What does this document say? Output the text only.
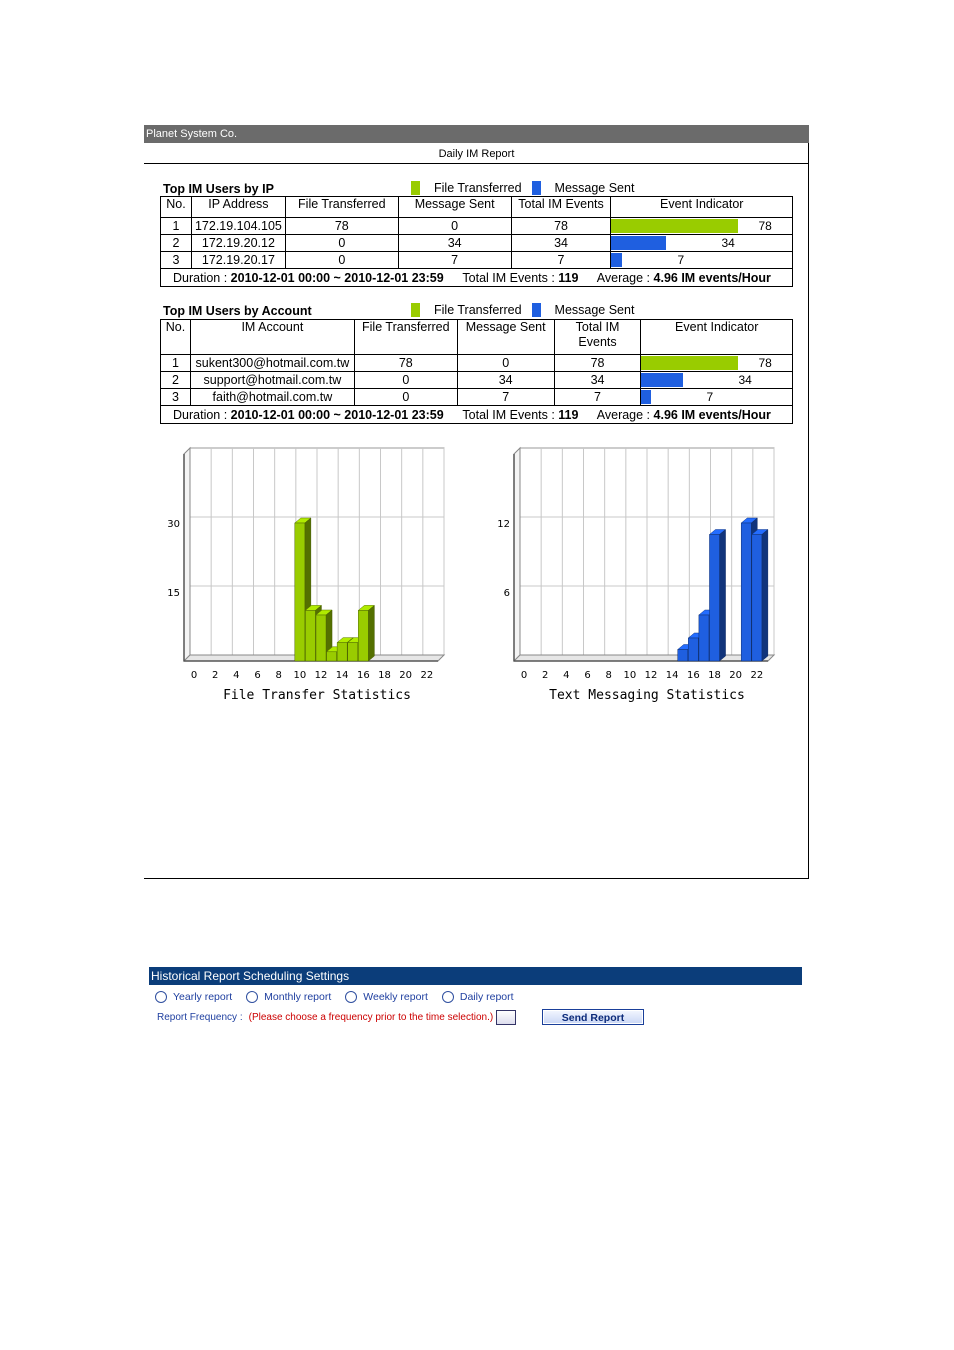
Planet System Co.
Daily IM Report
Top IM Users by IP	File Transferred	Message Sent
No.	IP Address	File Transferred	Message Sent	Total IM Events	Event Indicator
1	172.19.104.105	78	0	78	78

2	172.19.20.12	0	34	34	34

3	172.19.20.17	0	7	7	7

Duration : 2010-12-01 00:00 ~ 2010-12-01 23:59 Total IM Events : 119 Average : 4.96 IM events/Hour					
Top IM Users by Account	File Transferred	Message Sent
No.	IM Account	File Transferred	Message Sent	Total IM Events	Event Indicator
1	sukent300@hotmail.com.tw	78	0	78	78

2	support@hotmail.com.tw	0	34	34	34

3	faith@hotmail.com.tw	0	7	7	7

Duration : 2010-12-01 00:00 ~ 2010-12-01 23:59 Total IM Events : 119 Average : 4.96 IM events/Hour					
15
30
0 2 4 6 8 10 12 14 16 18 20 22
File Transfer Statistics
6
12
0 2 4 6 8 10 12 14 16 18 20 22
Text Messaging Statistics
Historical Report Scheduling Settings
Yearly report	Monthly report	Weekly report	Daily report
Report Frequency : (Please choose a frequency prior to the time selection.)	Send Report
